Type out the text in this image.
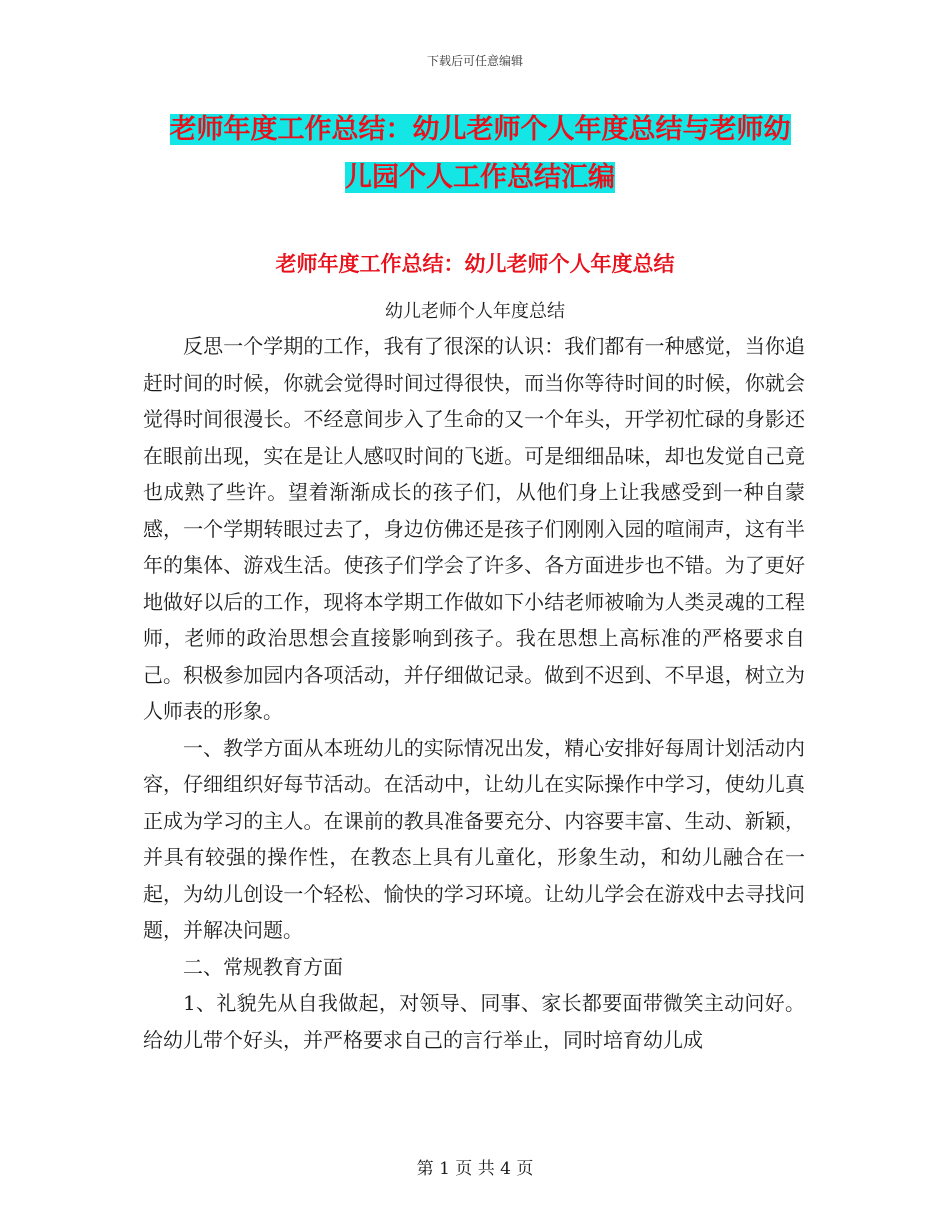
下载后可任意编辑
老师年度工作总结：幼儿老师个人年度总结与老师幼
儿园个人工作总结汇编
老师年度工作总结：幼儿老师个人年度总结
幼儿老师个人年度总结

反思一个学期的工作，我有了很深的认识：我们都有一种感觉，当你追赶时间的时候，你就会觉得时间过得很快，而当你等待时间的时候，你就会觉得时间很漫长。不经意间步入了生命的又一个年头，开学初忙碌的身影还在眼前出现，实在是让人感叹时间的飞逝。可是细细品味，却也发觉自己竟也成熟了些许。望着渐渐成长的孩子们，从他们身上让我感受到一种自蒙感，一个学期转眼过去了，身边仿佛还是孩子们刚刚入园的喧闹声，这有半年的集体、游戏生活。使孩子们学会了许多、各方面进步也不错。为了更好地做好以后的工作，现将本学期工作做如下小结老师被喻为人类灵魂的工程师，老师的政治思想会直接影响到孩子。我在思想上高标准的严格要求自己。积极参加园内各项活动，并仔细做记录。做到不迟到、不早退，树立为人师表的形象。

一、教学方面从本班幼儿的实际情况出发，精心安排好每周计划活动内容，仔细组织好每节活动。在活动中，让幼儿在实际操作中学习，使幼儿真正成为学习的主人。在课前的教具准备要充分、内容要丰富、生动、新颖，并具有较强的操作性，在教态上具有儿童化，形象生动，和幼儿融合在一起，为幼儿创设一个轻松、愉快的学习环境。让幼儿学会在游戏中去寻找问题，并解决问题。

二、常规教育方面

1、礼貌先从自我做起，对领导、同事、家长都要面带微笑主动问好。给幼儿带个好头，并严格要求自己的言行举止，同时培育幼儿成

第 1 页 共 4 页
